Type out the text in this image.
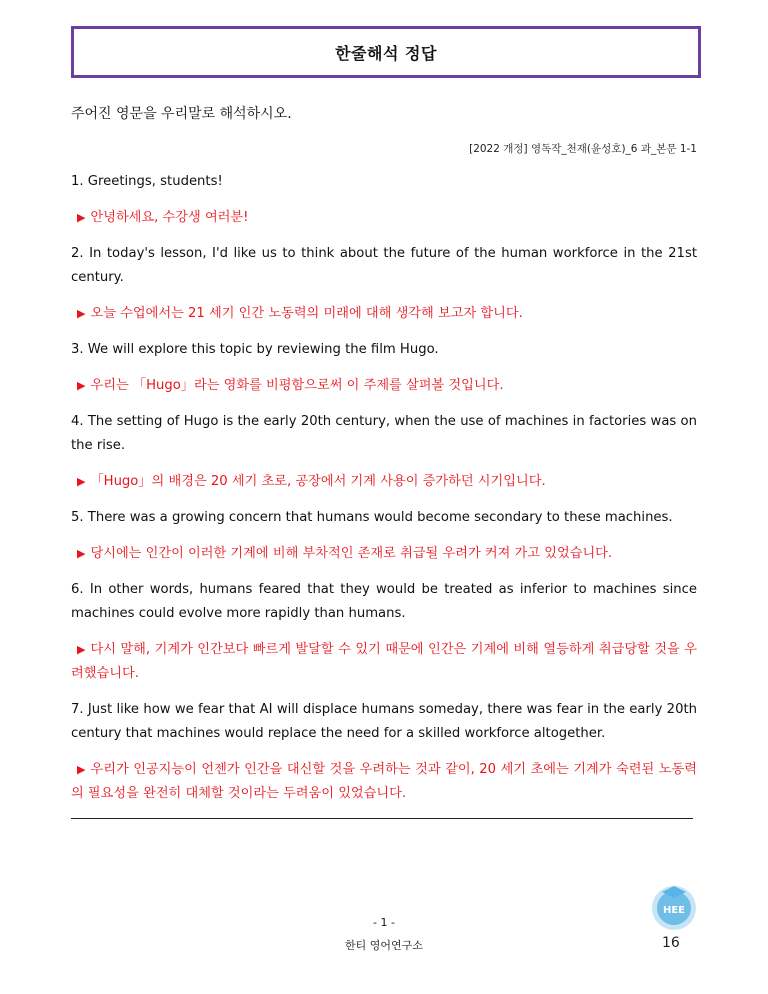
한줄해석 정답
주어진 영문을 우리말로 해석하시오.
[2022 개정] 영독작_천재(윤성호)_6 과_본문 1-1

1. Greetings, students!

▶ 안녕하세요, 수강생 여러분!

2. In today's lesson, I'd like us to think about the future of the human workforce in the 21st century.

▶ 오늘 수업에서는 21 세기 인간 노동력의 미래에 대해 생각해 보고자 합니다.

3. We will explore this topic by reviewing the film Hugo.

▶ 우리는 「Hugo」라는 영화를 비평함으로써 이 주제를 살펴볼 것입니다.

4. The setting of Hugo is the early 20th century, when the use of machines in factories was on the rise.

▶ 「Hugo」의 배경은 20 세기 초로, 공장에서 기계 사용이 증가하던 시기입니다.

5. There was a growing concern that humans would become secondary to these machines.

▶ 당시에는 인간이 이러한 기계에 비해 부차적인 존재로 취급될 우려가 커져 가고 있었습니다.

6. In other words, humans feared that they would be treated as inferior to machines since machines could evolve more rapidly than humans.

▶ 다시 말해, 기계가 인간보다 빠르게 발달할 수 있기 때문에 인간은 기계에 비해 열등하게 취급당할 것을 우려했습니다.

7. Just like how we fear that AI will displace humans someday, there was fear in the early 20th century that machines would replace the need for a skilled workforce altogether.

▶ 우리가 인공지능이 언젠가 인간을 대신할 것을 우려하는 것과 같이, 20 세기 초에는 기계가 숙련된 노동력의 필요성을 완전히 대체할 것이라는 두려움이 있었습니다.

HEE
- 1 -
한티 영어연구소	16
